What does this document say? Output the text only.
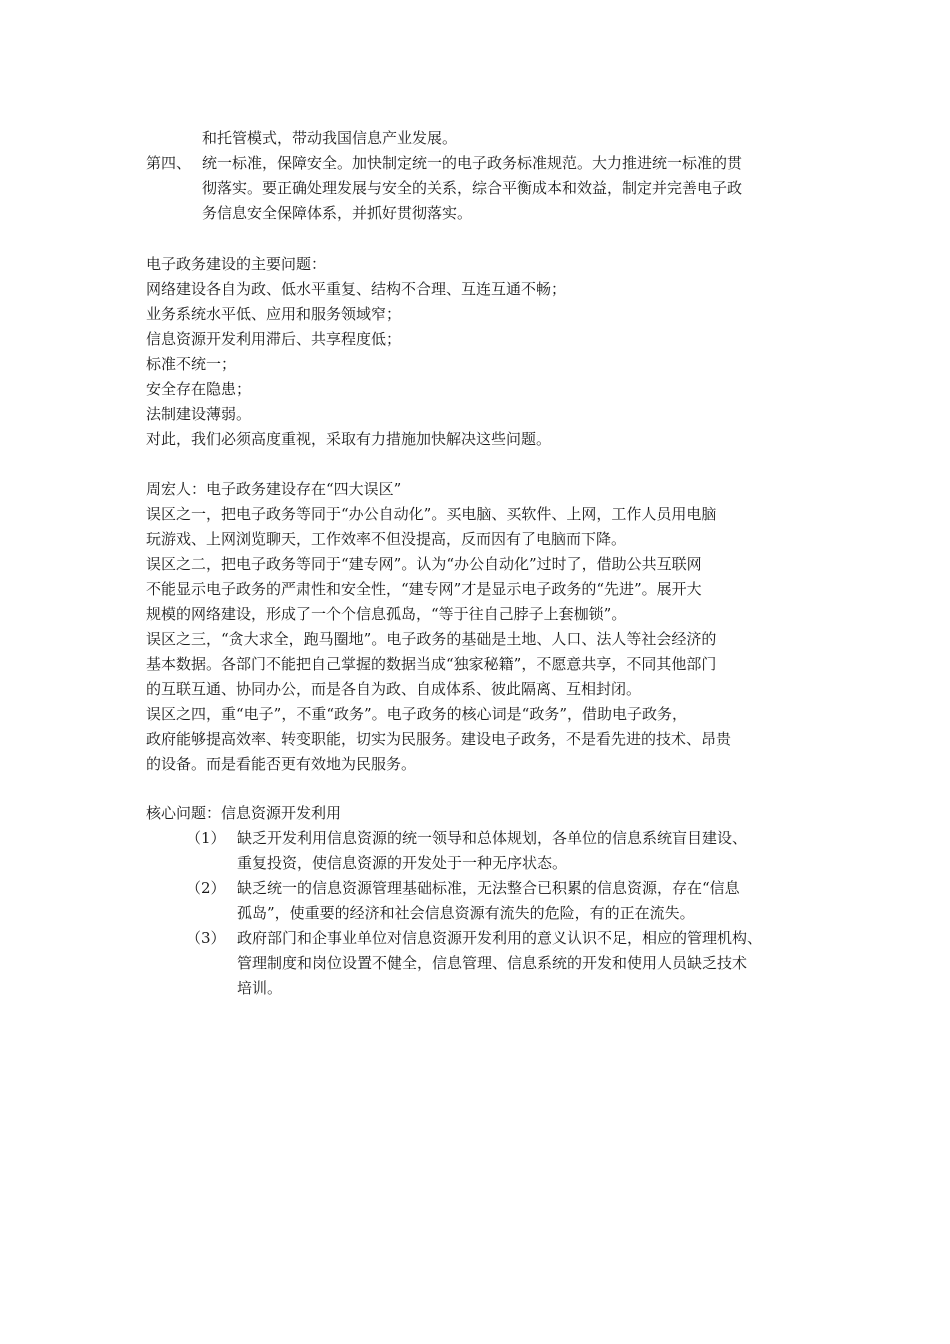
和托管模式，带动我国信息产业发展。
第四、 统一标准，保障安全。加快制定统一的电子政务标准规范。大力推进统一标准的贯
彻落实。要正确处理发展与安全的关系，综合平衡成本和效益，制定并完善电子政
务信息安全保障体系，并抓好贯彻落实。
电子政务建设的主要问题：
网络建设各自为政、低水平重复、结构不合理、互连互通不畅；
业务系统水平低、应用和服务领域窄；
信息资源开发利用滞后、共享程度低；
标准不统一；
安全存在隐患；
法制建设薄弱。
对此，我们必须高度重视，采取有力措施加快解决这些问题。
周宏人：电子政务建设存在“四大误区”
误区之一，把电子政务等同于“办公自动化”。买电脑、买软件、上网，工作人员用电脑
玩游戏、上网浏览聊天，工作效率不但没提高，反而因有了电脑而下降。
误区之二，把电子政务等同于“建专网”。认为“办公自动化”过时了，借助公共互联网
不能显示电子政务的严肃性和安全性，“建专网”才是显示电子政务的“先进”。展开大
规模的网络建设，形成了一个个信息孤岛，“等于往自己脖子上套枷锁”。
误区之三，“贪大求全，跑马圈地”。电子政务的基础是土地、人口、法人等社会经济的
基本数据。各部门不能把自己掌握的数据当成“独家秘籍”，不愿意共享，不同其他部门
的互联互通、协同办公，而是各自为政、自成体系、彼此隔离、互相封闭。
误区之四，重“电子”，不重“政务”。电子政务的核心词是“政务”，借助电子政务，
政府能够提高效率、转变职能，切实为民服务。建设电子政务，不是看先进的技术、昂贵
的设备。而是看能否更有效地为民服务。
核心问题：信息资源开发利用
（1） 缺乏开发利用信息资源的统一领导和总体规划，各单位的信息系统盲目建设、
重复投资，使信息资源的开发处于一种无序状态。
（2） 缺乏统一的信息资源管理基础标准，无法整合已积累的信息资源，存在“信息
孤岛”，使重要的经济和社会信息资源有流失的危险，有的正在流失。
（3） 政府部门和企事业单位对信息资源开发利用的意义认识不足，相应的管理机构、
管理制度和岗位设置不健全，信息管理、信息系统的开发和使用人员缺乏技术
培训。
